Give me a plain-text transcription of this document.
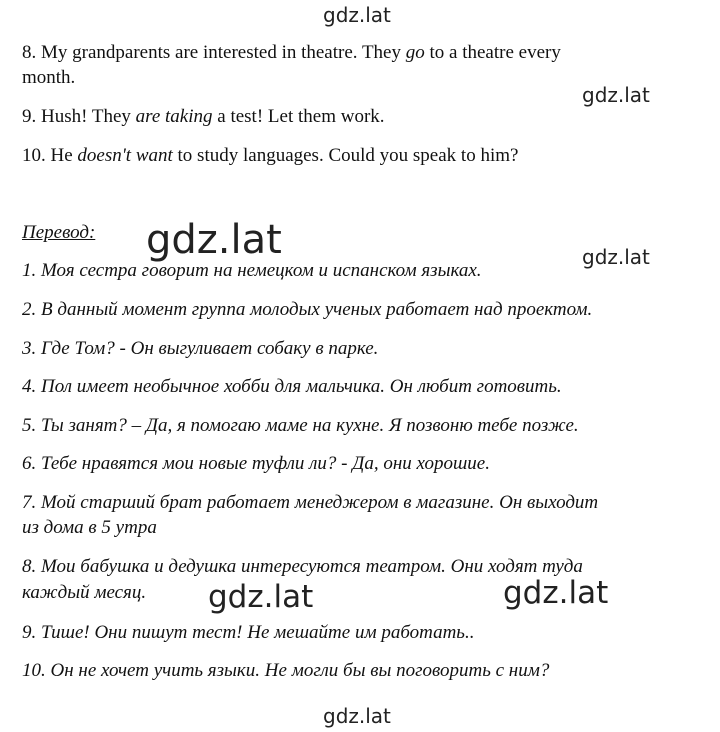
gdz.lat
gdz.lat
gdz.lat	gdz.lat
8. My grandparents are interested in theatre. They go to a theatre every
month.
9. Hush! They are taking a test! Let them work.
10. He doesn't want to study languages. Could you speak to him?
Перевод:
1. Моя сестра говорит на немецком и испанском языках.
2. В данный момент группа молодых ученых работает над проектом.
3. Где Том? - Он выгуливает собаку в парке.
4. Пол имеет необычное хобби для мальчика. Он любит готовить.
5. Ты занят? – Да, я помогаю маме на кухне. Я позвоню тебе позже.
6. Тебе нравятся мои новые туфли ли? - Да, они хорошие.
7. Мой старший брат работает менеджером в магазине. Он выходит
из дома в 5 утра
8. Мои бабушка и дедушка интересуются театром. Они ходят туда
каждый месяц. gdz.lat	gdz.lat
9. Тише! Они пишут тест! Не мешайте им работать..
10. Он не хочет учить языки. Не могли бы вы поговорить с ним?
gdz.lat
